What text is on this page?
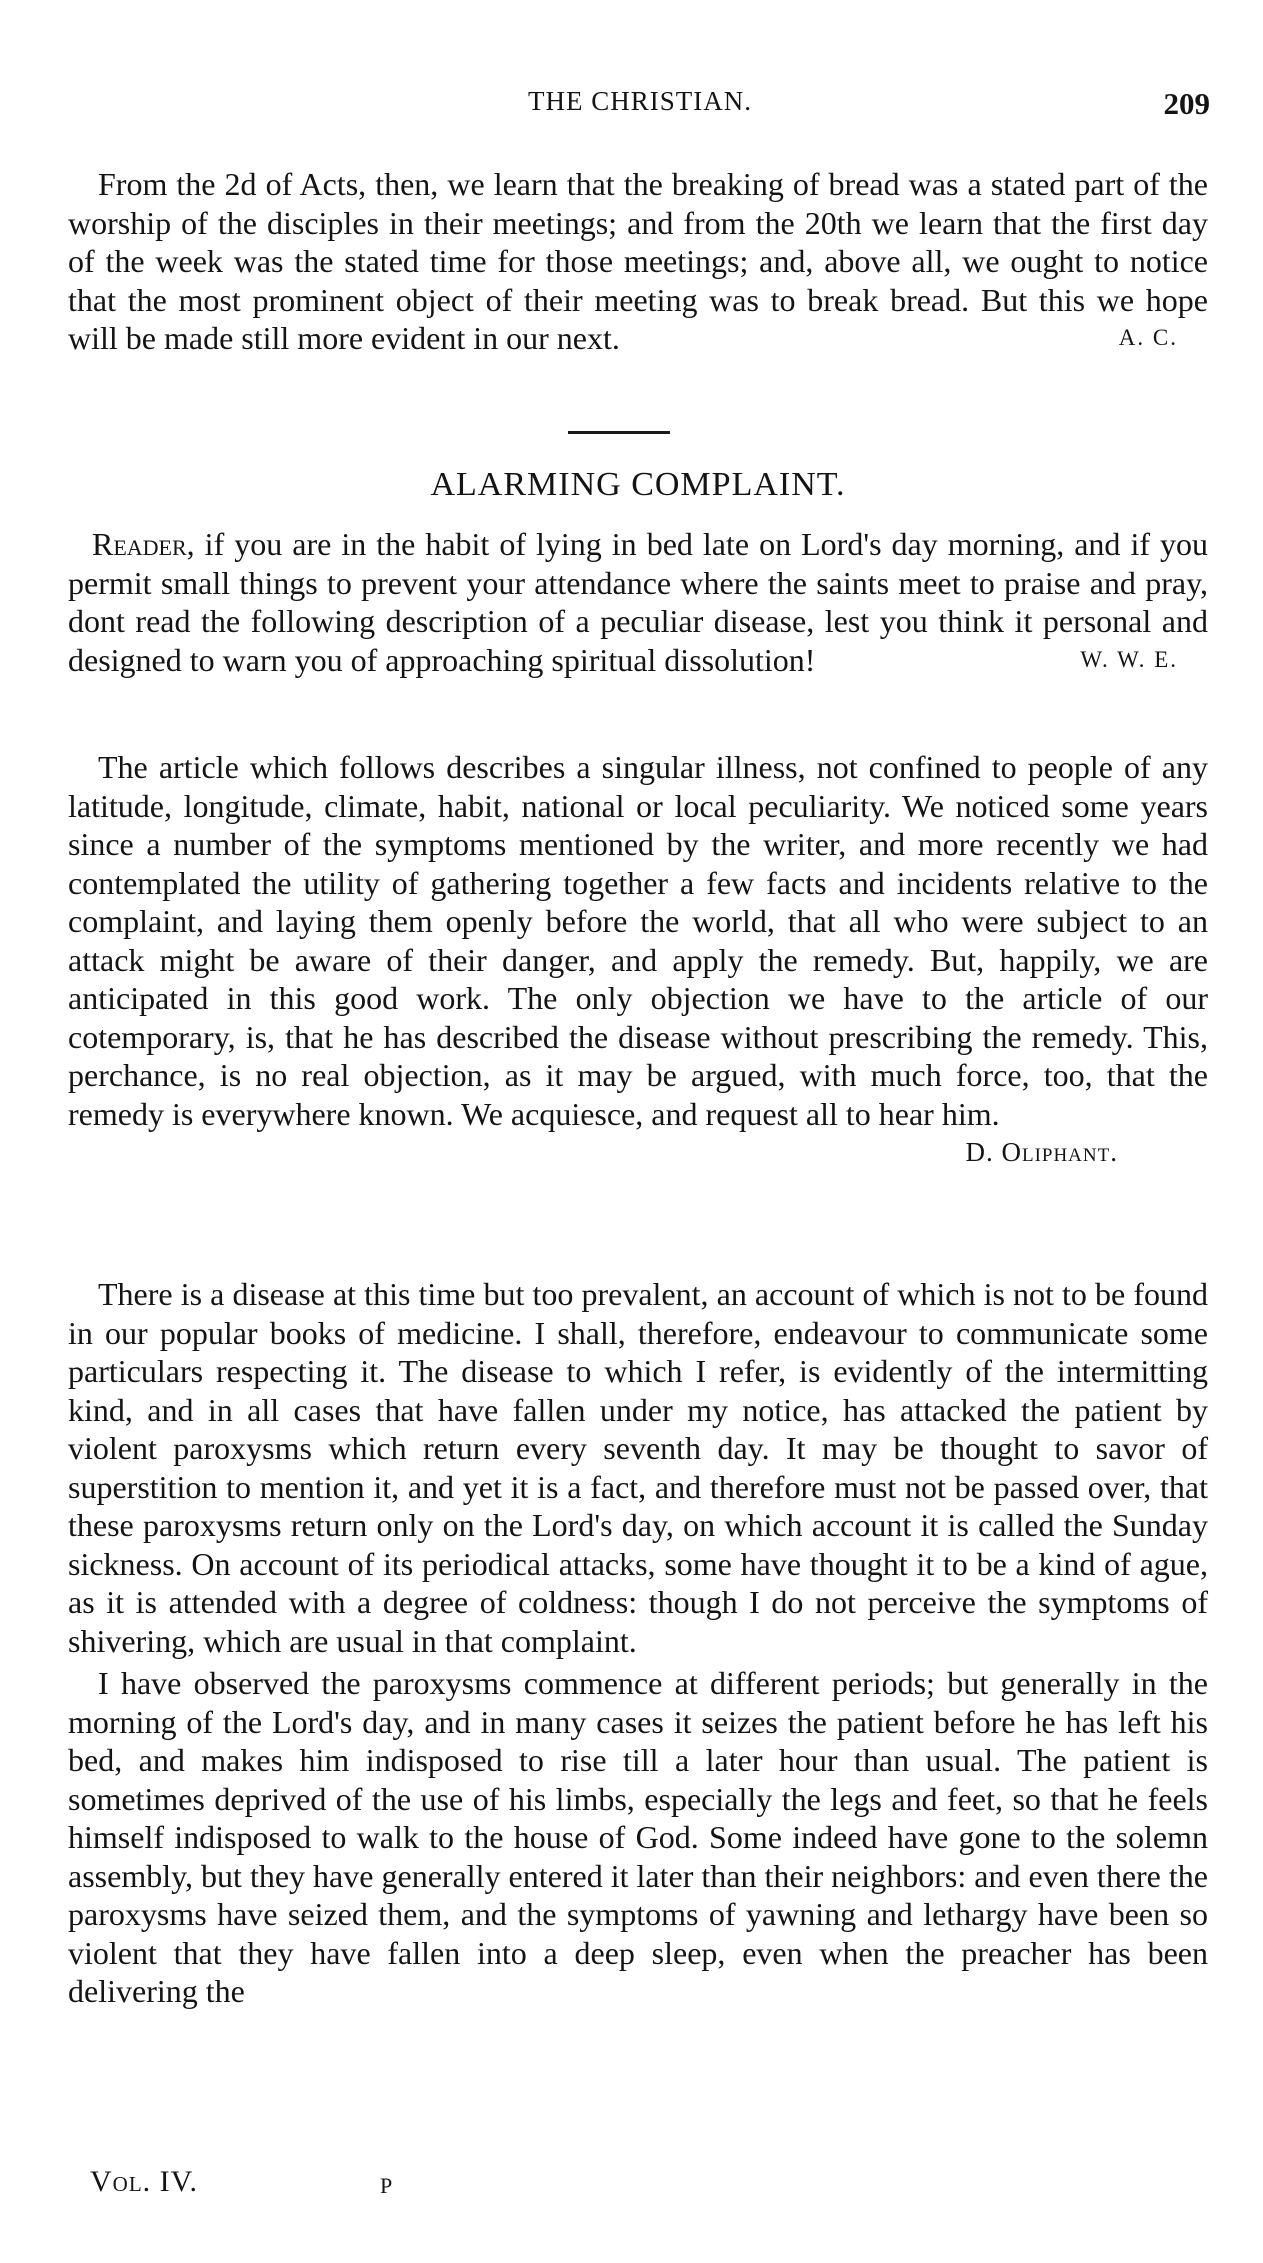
THE CHRISTIAN.	209

From the 2d of Acts, then, we learn that the breaking of bread was a stated part of the worship of the disciples in their meetings; and from the 20th we learn that the first day of the week was the stated time for those meetings; and, above all, we ought to notice that the most prominent object of their meeting was to break bread. But this we hope will be made still more evident in our next.	A. C.

ALARMING COMPLAINT.

Reader, if you are in the habit of lying in bed late on Lord's day morning, and if you permit small things to prevent your attendance where the saints meet to praise and pray, dont read the following description of a peculiar disease, lest you think it personal and designed to warn you of approaching spiritual dissolution!	W. W. E.

The article which follows describes a singular illness, not confined to people of any latitude, longitude, climate, habit, national or local peculiarity. We noticed some years since a number of the symptoms mentioned by the writer, and more recently we had contemplated the utility of gathering together a few facts and incidents relative to the complaint, and laying them openly before the world, that all who were subject to an attack might be aware of their danger, and apply the remedy. But, happily, we are anticipated in this good work. The only objection we have to the article of our cotemporary, is, that he has described the disease without prescribing the remedy. This, perchance, is no real objection, as it may be argued, with much force, too, that the remedy is everywhere known. We acquiesce, and request all to hear him.

D. Oliphant.

There is a disease at this time but too prevalent, an account of which is not to be found in our popular books of medicine. I shall, therefore, endeavour to communicate some particulars respecting it. The disease to which I refer, is evidently of the intermitting kind, and in all cases that have fallen under my notice, has attacked the patient by violent paroxysms which return every seventh day. It may be thought to savor of superstition to mention it, and yet it is a fact, and therefore must not be passed over, that these paroxysms return only on the Lord's day, on which account it is called the Sunday sickness. On account of its periodical attacks, some have thought it to be a kind of ague, as it is attended with a degree of coldness: though I do not perceive the symptoms of shivering, which are usual in that complaint.

I have observed the paroxysms commence at different periods; but generally in the morning of the Lord's day, and in many cases it seizes the patient before he has left his bed, and makes him indisposed to rise till a later hour than usual. The patient is sometimes deprived of the use of his limbs, especially the legs and feet, so that he feels himself indisposed to walk to the house of God. Some indeed have gone to the solemn assembly, but they have generally entered it later than their neighbors: and even there the paroxysms have seized them, and the symptoms of yawning and lethargy have been so violent that they have fallen into a deep sleep, even when the preacher has been delivering the

Vol. IV.	P
